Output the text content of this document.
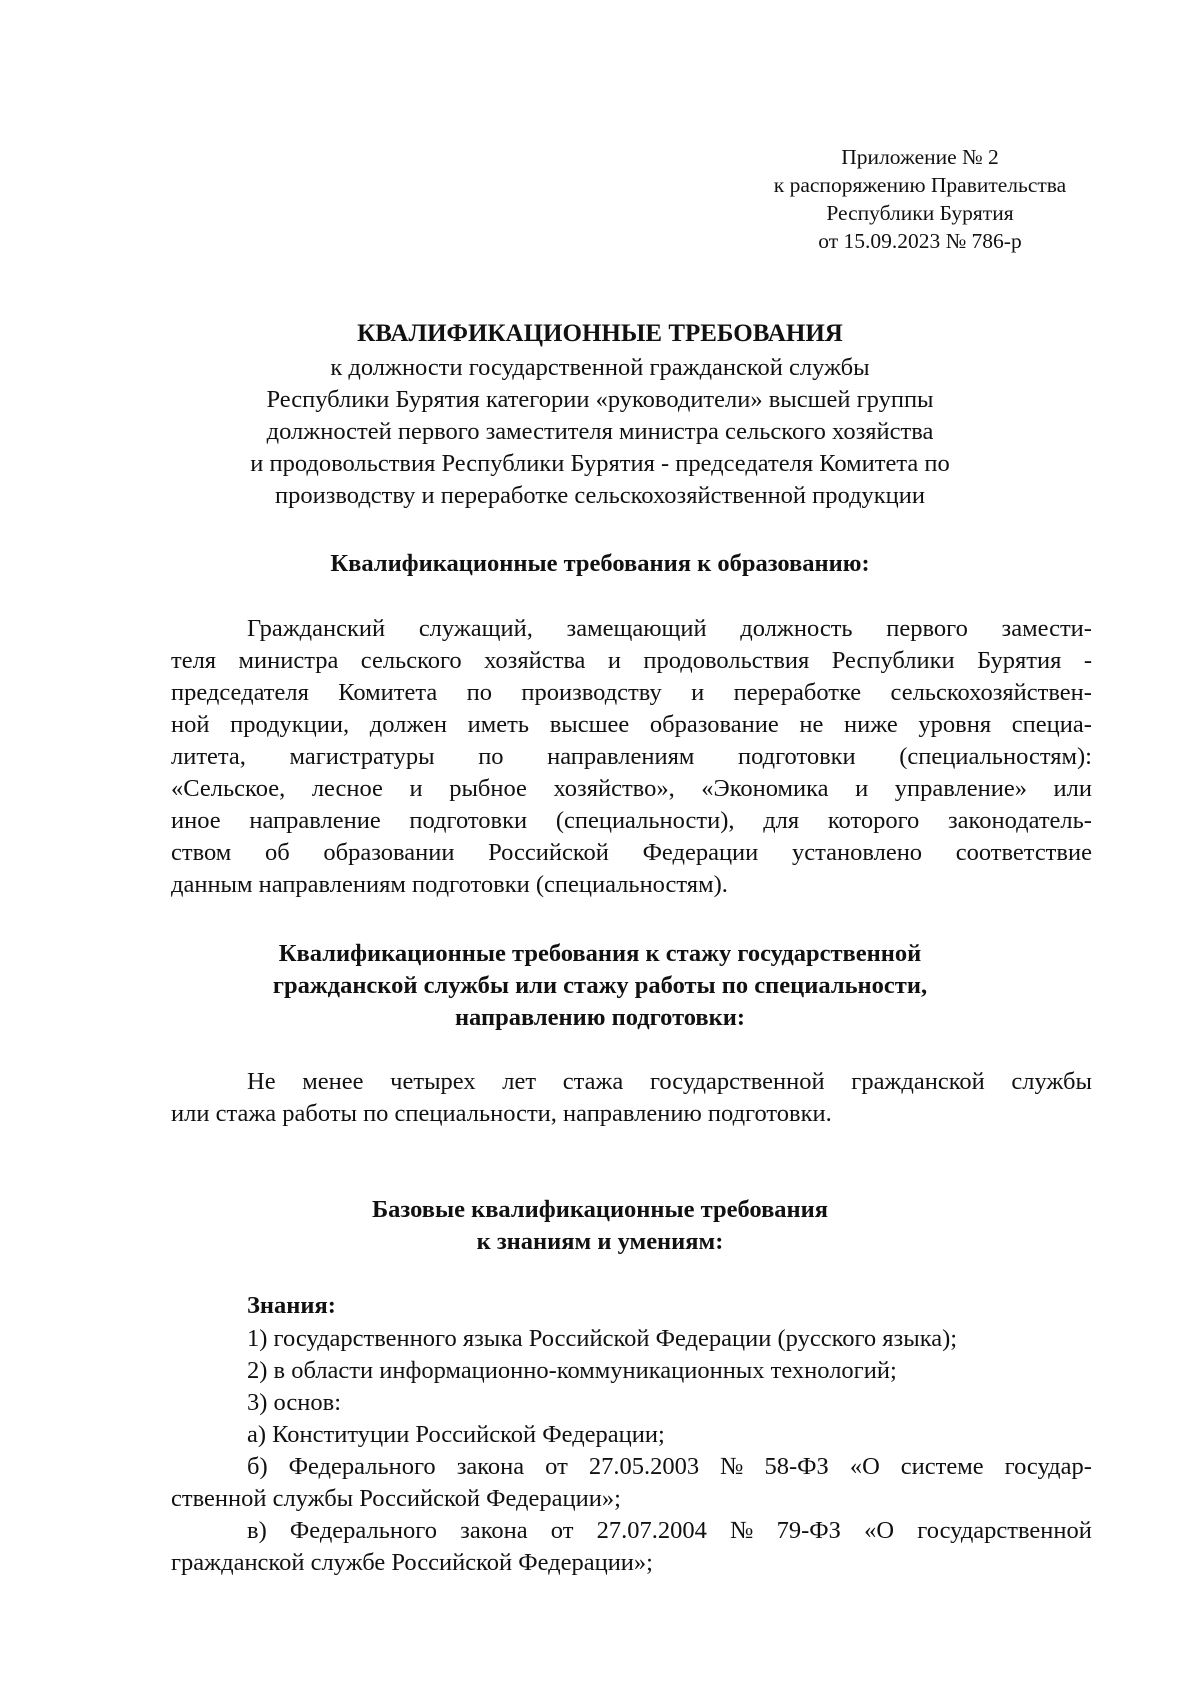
Приложение № 2
к распоряжению Правительства
Республики Бурятия
от 15.09.2023 № 786-р
КВАЛИФИКАЦИОННЫЕ ТРЕБОВАНИЯ
к должности государственной гражданской службы
Республики Бурятия категории «руководители» высшей группы
должностей первого заместителя министра сельского хозяйства
и продовольствия Республики Бурятия - председателя Комитета по
производству и переработке сельскохозяйственной продукции
Квалификационные требования к образованию:
Гражданский служащий, замещающий должность первого замести-
теля министра сельского хозяйства и продовольствия Республики Бурятия -
председателя Комитета по производству и переработке сельскохозяйствен-
ной продукции, должен иметь высшее образование не ниже уровня специа-
литета, магистратуры по направлениям подготовки (специальностям):
«Сельское, лесное и рыбное хозяйство», «Экономика и управление» или
иное направление подготовки (специальности), для которого законодатель-
ством об образовании Российской Федерации установлено соответствие
данным направлениям подготовки (специальностям).
Квалификационные требования к стажу государственной
гражданской службы или стажу работы по специальности,
направлению подготовки:
Не менее четырех лет стажа государственной гражданской службы
или стажа работы по специальности, направлению подготовки.
Базовые квалификационные требования
к знаниям и умениям:
Знания:
1) государственного языка Российской Федерации (русского языка);
2) в области информационно-коммуникационных технологий;
3) основ:
а) Конституции Российской Федерации;
б) Федерального закона от 27.05.2003 № 58-ФЗ «О системе государ-
ственной службы Российской Федерации»;
в) Федерального закона от 27.07.2004 № 79-ФЗ «О государственной
гражданской службе Российской Федерации»;
